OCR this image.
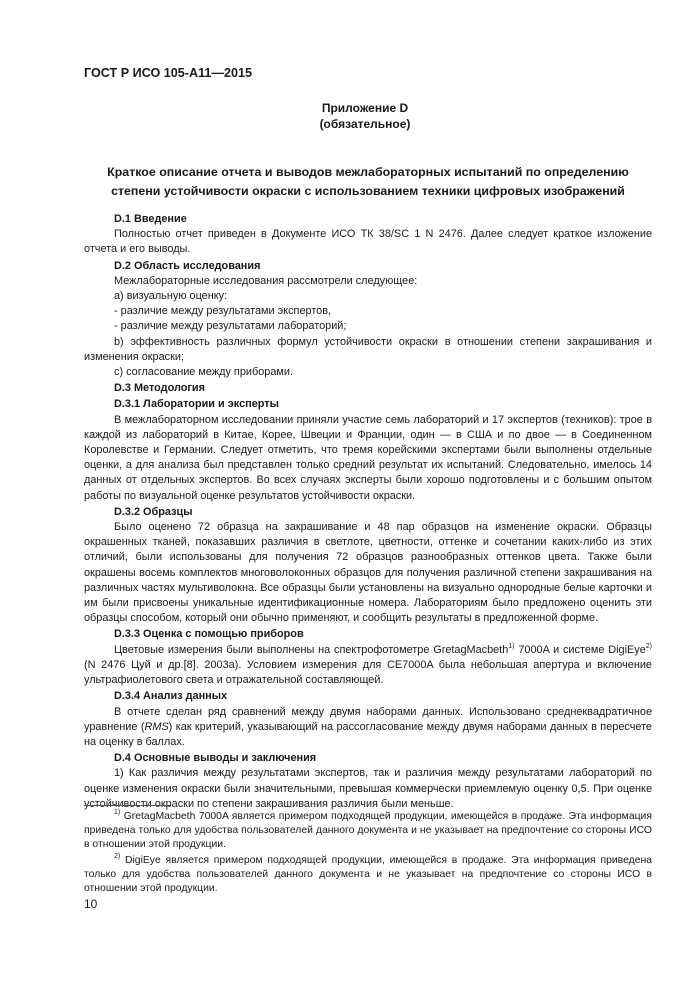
ГОСТ Р ИСО 105-A11—2015
Приложение D
(обязательное)
Краткое описание отчета и выводов межлабораторных испытаний по определению степени устойчивости окраски с использованием техники цифровых изображений
D.1 Введение

Полностью отчет приведен в Документе ИСО ТК 38/SC 1 N 2476. Далее следует краткое изложение отчета и его выводы.

D.2 Область исследования

Межлабораторные исследования рассмотрели следующее:

a) визуальную оценку:

- различие между результатами экспертов,

- различие между результатами лабораторий;

b) эффективность различных формул устойчивости окраски в отношении степени закрашивания и изменения окраски;

c) согласование между приборами.

D.3 Методология
D.3.1 Лаборатории и эксперты

В межлабораторном исследовании приняли участие семь лабораторий и 17 экспертов (техников): трое в каждой из лабораторий в Китае, Корее, Швеции и Франции, один — в США и по двое — в Соединенном Королевстве и Германии. Следует отметить, что тремя корейскими экспертами были выполнены отдельные оценки, а для анализа был представлен только средний результат их испытаний. Следовательно, имелось 14 данных от отдельных экспертов. Во всех случаях эксперты были хорошо подготовлены и с большим опытом работы по визуальной оценке результатов устойчивости окраски.

D.3.2 Образцы

Было оценено 72 образца на закрашивание и 48 пар образцов на изменение окраски. Образцы окрашенных тканей, показавших различия в светлоте, цветности, оттенке и сочетании каких-либо из этих отличий, были использованы для получения 72 образцов разнообразных оттенков цвета. Также были окрашены восемь комплектов многоволоконных образцов для получения различной степени закрашивания на различных частях мультиволокна. Все образцы были установлены на визуально однородные белые карточки и им были присвоены уникальные идентификационные номера. Лабораториям было предложено оценить эти образцы способом, который они обычно применяют, и сообщить результаты в предложенной форме.

D.3.3 Оценка с помощью приборов

Цветовые измерения были выполнены на спектрофотометре GretagMacbeth$^{1)}$ 7000A и системе DigiEye$^{2)}$ (N 2476 Цуй и др.[8]. 2003a). Условием измерения для CE7000A была небольшая апертура и включение ультрафиолетового света и отражательной составляющей.

D.3.4 Анализ данных

В отчете сделан ряд сравнений между двумя наборами данных. Использовано среднеквадратичное уравнение (RMS) как критерий, указывающий на рассогласование между двумя наборами данных в пересчете на оценку в баллах.

D.4 Основные выводы и заключения

1) Как различия между результатами экспертов, так и различия между результатами лабораторий по оценке изменения окраски были значительными, превышая коммерчески приемлемую оценку 0,5. При оценке устойчивости окраски по степени закрашивания различия были меньше.

$^{1)}$ GretagMacbeth 7000A является примером подходящей продукции, имеющейся в продаже. Эта информация приведена только для удобства пользователей данного документа и не указывает на предпочтение со стороны ИСО в отношении этой продукции.

$^{2)}$ DigiEye является примером подходящей продукции, имеющейся в продаже. Эта информация приведена только для удобства пользователей данного документа и не указывает на предпочтение со стороны ИСО в отношении этой продукции.

10
